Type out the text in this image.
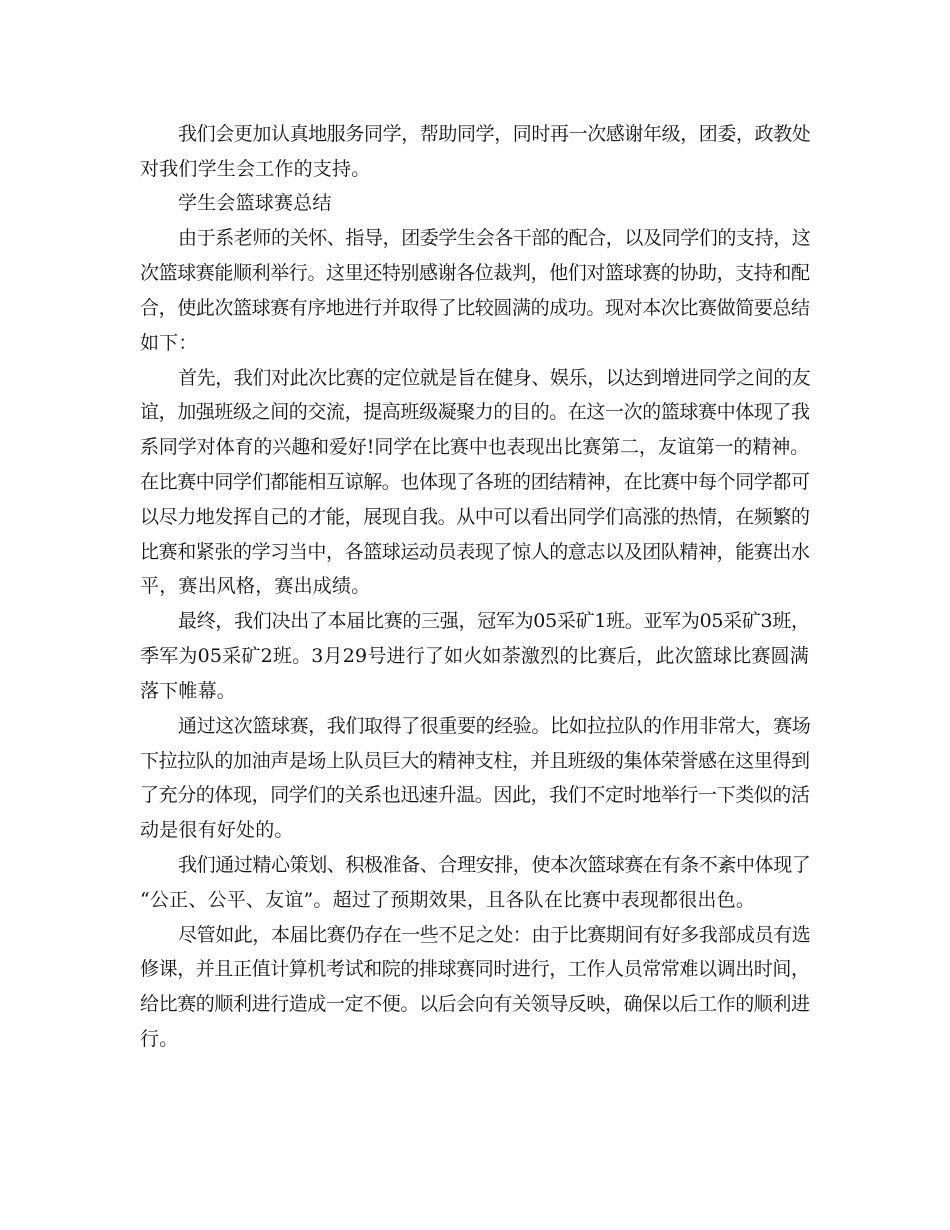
我们会更加认真地服务同学，帮助同学，同时再一次感谢年级，团委，政教处
对我们学生会工作的支持。
学生会篮球赛总结
由于系老师的关怀、指导，团委学生会各干部的配合，以及同学们的支持，这
次篮球赛能顺利举行。这里还特别感谢各位裁判，他们对篮球赛的协助，支持和配
合，使此次篮球赛有序地进行并取得了比较圆满的成功。现对本次比赛做简要总结
如下：
首先，我们对此次比赛的定位就是旨在健身、娱乐，以达到增进同学之间的友
谊，加强班级之间的交流，提高班级凝聚力的目的。在这一次的篮球赛中体现了我
系同学对体育的兴趣和爱好!同学在比赛中也表现出比赛第二，友谊第一的精神。
在比赛中同学们都能相互谅解。也体现了各班的团结精神，在比赛中每个同学都可
以尽力地发挥自己的才能，展现自我。从中可以看出同学们高涨的热情，在频繁的
比赛和紧张的学习当中，各篮球运动员表现了惊人的意志以及团队精神，能赛出水
平，赛出风格，赛出成绩。
最终，我们决出了本届比赛的三强，冠军为05采矿1班。亚军为05采矿3班，
季军为05采矿2班。3月29号进行了如火如荼激烈的比赛后，此次篮球比赛圆满
落下帷幕。
通过这次篮球赛，我们取得了很重要的经验。比如拉拉队的作用非常大，赛场
下拉拉队的加油声是场上队员巨大的精神支柱，并且班级的集体荣誉感在这里得到
了充分的体现，同学们的关系也迅速升温。因此，我们不定时地举行一下类似的活
动是很有好处的。
我们通过精心策划、积极准备、合理安排，使本次篮球赛在有条不紊中体现了
“公正、公平、友谊”。超过了预期效果，且各队在比赛中表现都很出色。
尽管如此，本届比赛仍存在一些不足之处：由于比赛期间有好多我部成员有选
修课，并且正值计算机考试和院的排球赛同时进行，工作人员常常难以调出时间，
给比赛的顺利进行造成一定不便。以后会向有关领导反映，确保以后工作的顺利进
行。
